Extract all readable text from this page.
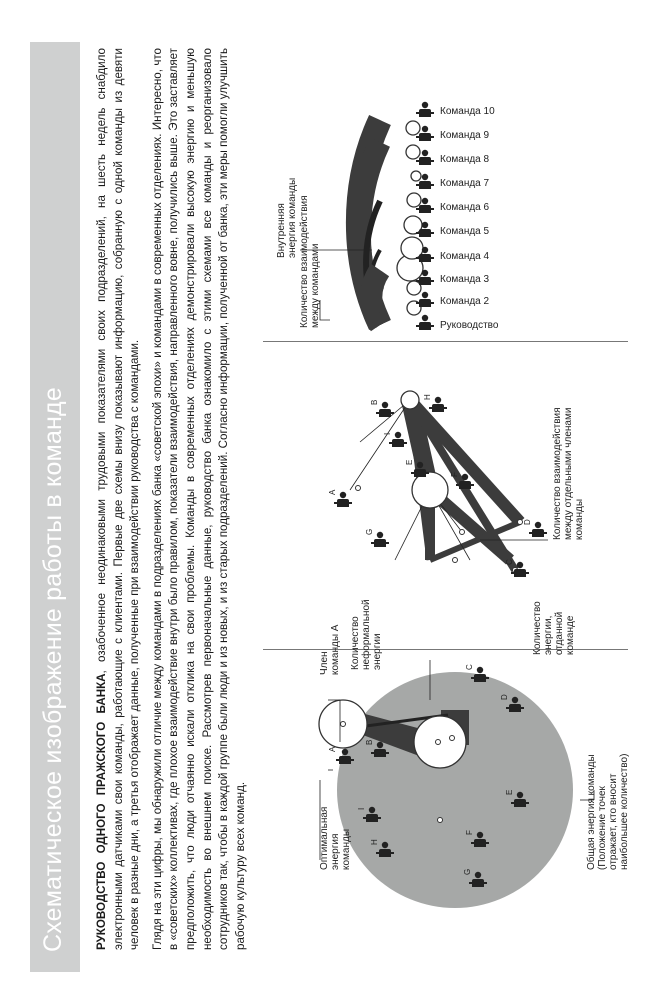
Схематическое изображение работы в команде РУКОВОДСТВО ОДНОГО ПРАЖСКОГО БАНКА, озабоченное неодинаковыми трудовыми показателями своих подразделений, на шесть недель снабдило электронными датчиками свои команды, работающие с клиентами. Первые две схемы внизу показывают информацию, собранную с одной команды из девяти человек в разные дни, а третья отображает данные, полученные при взаимодействии руководства с командами. Глядя на эти цифры, мы обнаружили отличие между командами в подразделениях банка «советской эпохи» и командами в современных отделениях. Интересно, что в «советских» коллективах, где плохое взаимодействие внутри было правилом, показатели взаимодействия, направленного вовне, получились выше. Это заставляет предположить, что люди отчаянно искали отклика на свои проблемы. Команды в современных отделениях демонстрировали высокую энергию и меньшую необходимость во внешнем поиске. Рассмотрев первоначальные данные, руководство банка ознакомило с этими схемами все команды и реорганизовало сотрудников так, чтобы в каждой группе были люди и из новых, и из старых подразделений. Согласно информации, полученной от банка, эти меры помогли улучшить рабочую культуру всех команд.

A
B
C
D
E
F
G
H
I
Оптимальная энергия команды
Член команды А Количество неформальной энергии	Количество энергии, отданной команде
Общая энергия команды (Положение точек отражает, кто вносит наибольшее количество)
A
B
C
D
E
F
G
H
I	Количество взаимодействия между отдельными членами команды
Руководство
Команда 2
Команда 3
Команда 4
Команда 5
Команда 6
Команда 7
Команда 8
Команда 9
Команда 10
Количество взаимодействия между командами
Внутренняя энергия команды
